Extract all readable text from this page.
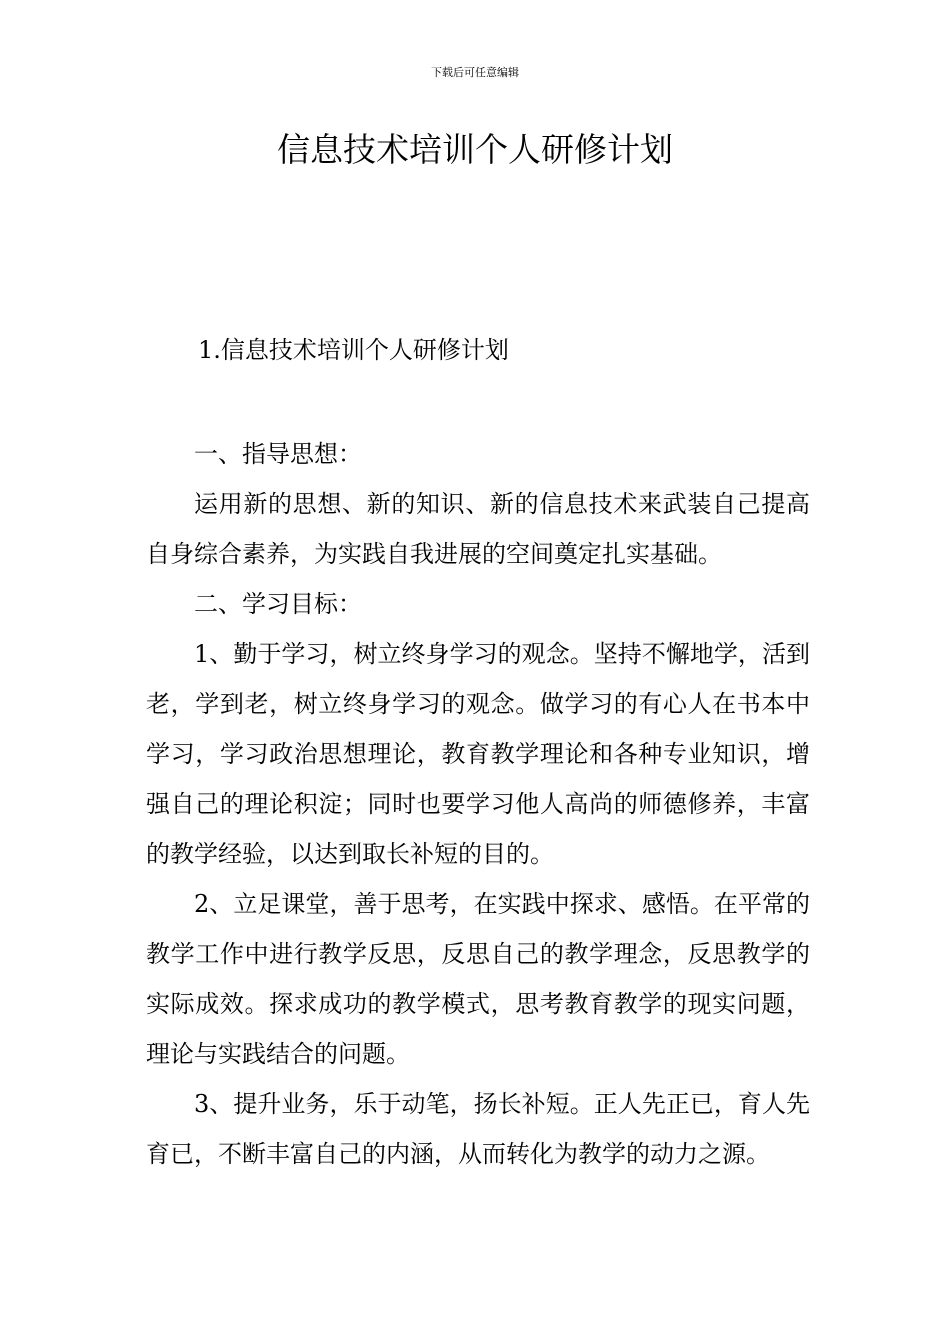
下载后可任意编辑
信息技术培训个人研修计划
1.信息技术培训个人研修计划

一、指导思想：

运用新的思想、新的知识、新的信息技术来武装自己提高自身综合素养，为实践自我进展的空间奠定扎实基础。

二、学习目标：

1、勤于学习，树立终身学习的观念。坚持不懈地学，活到老，学到老，树立终身学习的观念。做学习的有心人在书本中学习，学习政治思想理论，教育教学理论和各种专业知识，增强自己的理论积淀；同时也要学习他人高尚的师德修养，丰富的教学经验，以达到取长补短的目的。

2、立足课堂，善于思考，在实践中探求、感悟。在平常的教学工作中进行教学反思，反思自己的教学理念，反思教学的实际成效。探求成功的教学模式，思考教育教学的现实问题，理论与实践结合的问题。

3、提升业务，乐于动笔，扬长补短。正人先正已，育人先育已，不断丰富自己的内涵，从而转化为教学的动力之源。
